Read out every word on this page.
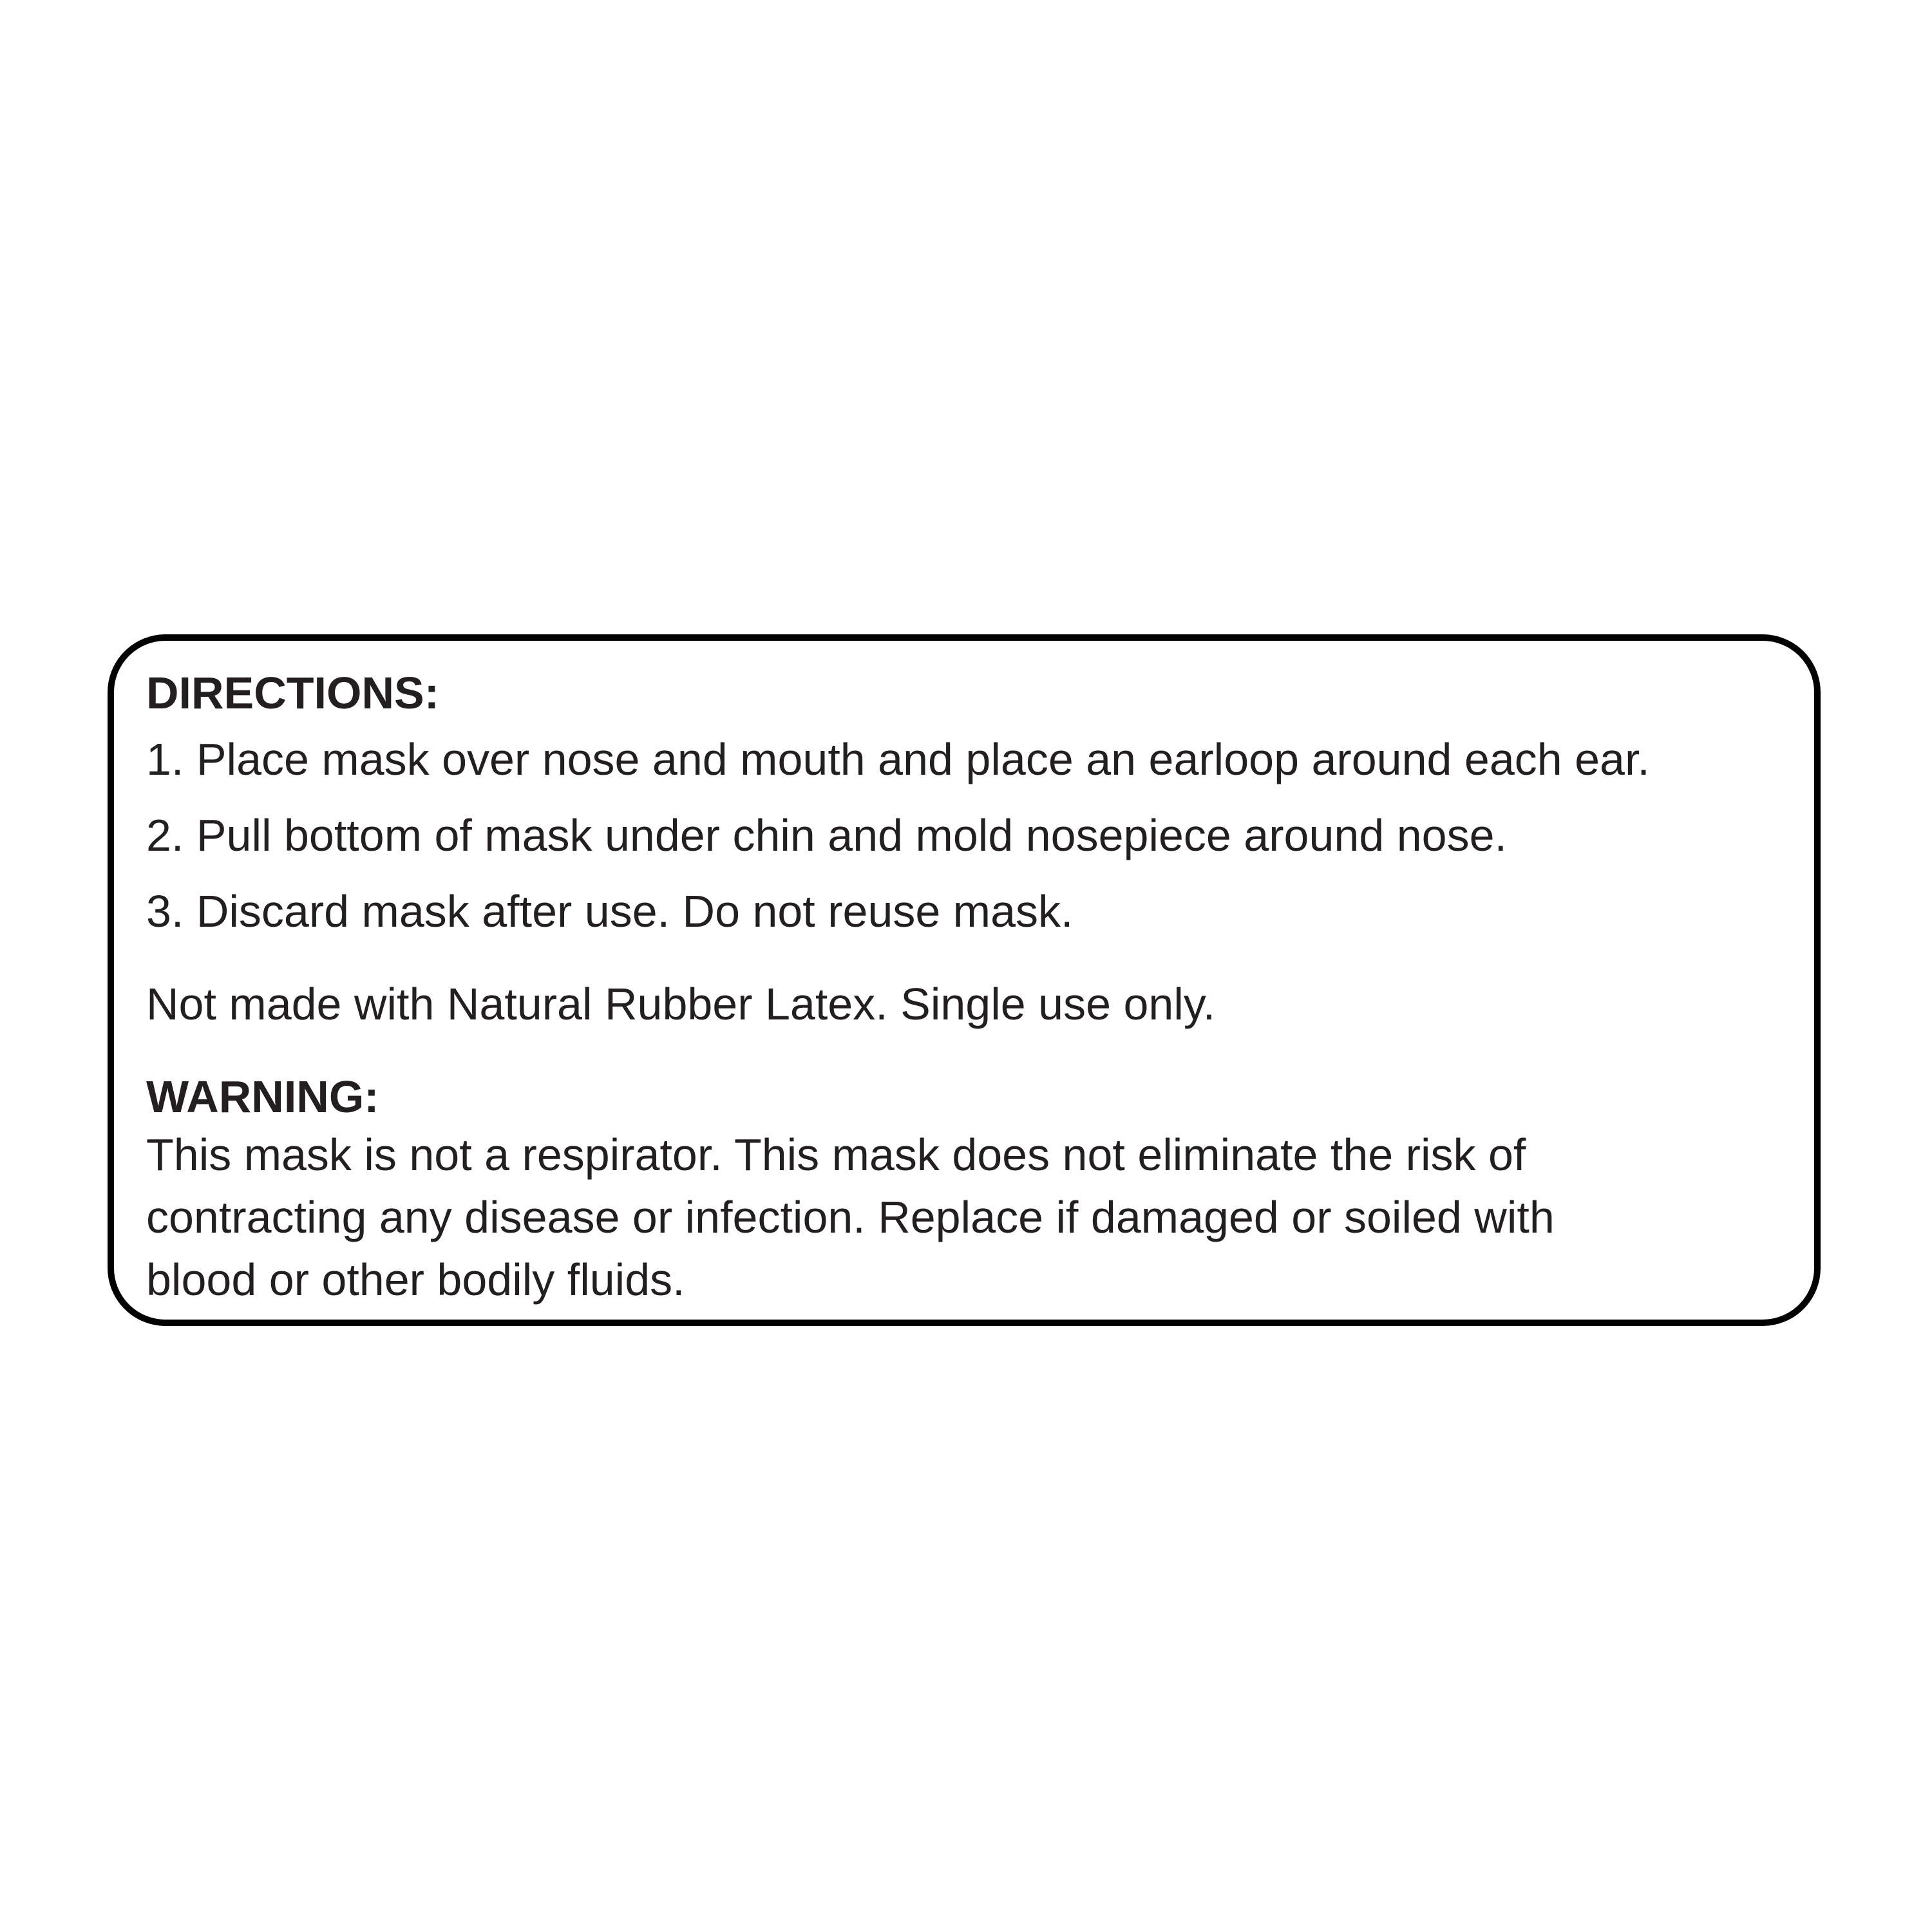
DIRECTIONS:

1. Place mask over nose and mouth and place an earloop around each ear.

2. Pull bottom of mask under chin and mold nosepiece around nose.

3. Discard mask after use. Do not reuse mask.

Not made with Natural Rubber Latex. Single use only.

WARNING:

This mask is not a respirator. This mask does not eliminate the risk of
contracting any disease or infection. Replace if damaged or soiled with
blood or other bodily fluids.
